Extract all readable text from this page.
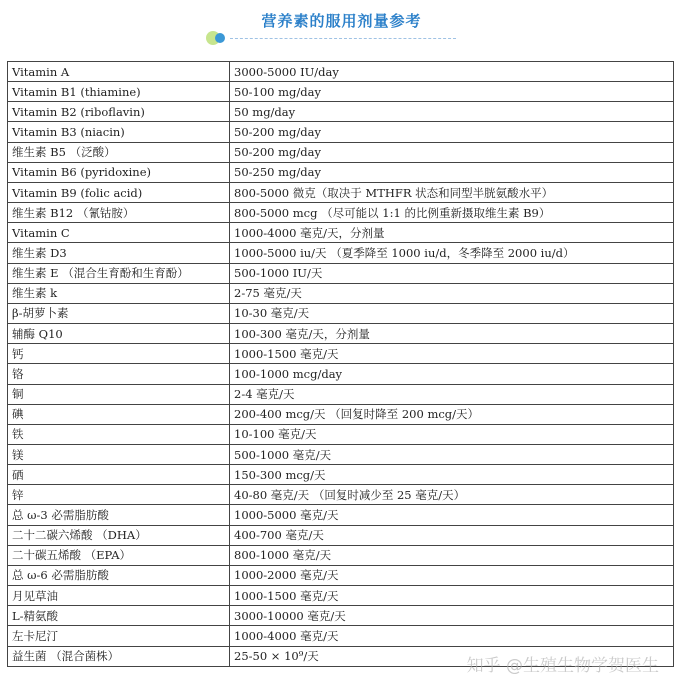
营养素的服用剂量参考
Vitamin A	3000-5000 IU/day
Vitamin B1 (thiamine)	50-100 mg/day
Vitamin B2 (riboflavin)	50 mg/day
Vitamin B3 (niacin)	50-200 mg/day
维生素 B5 （泛酸）	50-200 mg/day
Vitamin B6 (pyridoxine)	50-250 mg/day
Vitamin B9 (folic acid)	800-5000 微克（取决于 MTHFR 状态和同型半胱氨酸水平）
维生素 B12 （氰钴胺）	800-5000 mcg （尽可能以 1:1 的比例重新摄取维生素 B9）
Vitamin C	1000-4000 毫克/天，分剂量
维生素 D3	1000-5000 iu/天 （夏季降至 1000 iu/d，冬季降至 2000 iu/d）
维生素 E （混合生育酚和生育酚）	500-1000 IU/天
维生素 k	2-75 毫克/天
β-胡萝卜素	10-30 毫克/天
辅酶 Q10	100-300 毫克/天，分剂量
钙	1000-1500 毫克/天
铬	100-1000 mcg/day
铜	2-4 毫克/天
碘	200-400 mcg/天 （回复时降至 200 mcg/天）
铁	10-100 毫克/天
镁	500-1000 毫克/天
硒	150-300 mcg/天
锌	40-80 毫克/天 （回复时减少至 25 毫克/天）
总 ω-3 必需脂肪酸	1000-5000 毫克/天
二十二碳六烯酸 （DHA）	400-700 毫克/天
二十碳五烯酸 （EPA）	800-1000 毫克/天
总 ω-6 必需脂肪酸	1000-2000 毫克/天
月见草油	1000-1500 毫克/天
L-精氨酸	3000-10000 毫克/天
左卡尼汀	1000-4000 毫克/天
益生菌 （混合菌株）	25-50 × 10⁹/天	知乎 @生殖生物学贺医生
